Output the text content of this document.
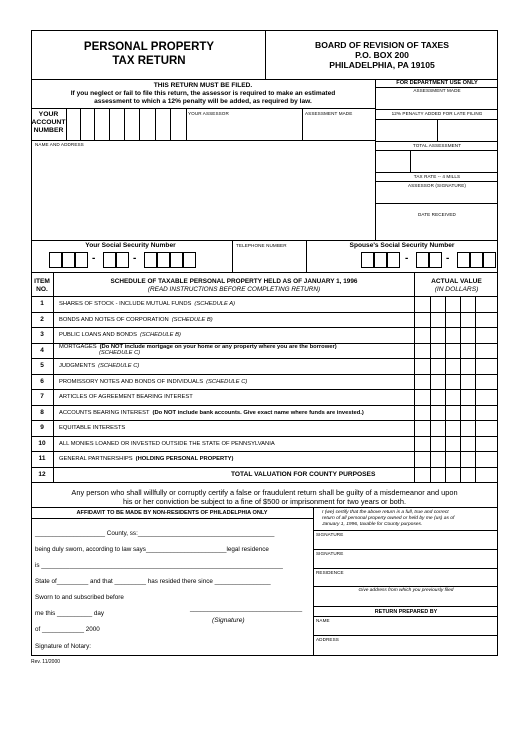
PERSONAL PROPERTY
TAX RETURN
BOARD OF REVISION OF TAXES
P.O. BOX 200
PHILADELPHIA, PA 19105
THIS RETURN MUST BE FILED.
If you neglect or fail to file this return, the assessor is required to make an estimated
assessment to which a 12% penalty will be added, as required by law.
FOR DEPARTMENT USE ONLY
ASSESSMENT MADE
12% PENALTY ADDED FOR LATE FILING
TOTAL ASSESSMENT
TAX RATE -- 4 MILLS
ASSESSOR (SIGNATURE)
DATE RECEIVED
YOUR
ACCOUNT
NUMBER
YOUR ASSESSOR	ASSESSMENT MADE
NAME AND ADDRESS
Your Social Security Number
-	-
TELEPHONE NUMBER	Spouse's Social Security Number
-	-
ITEM
NO.
SCHEDULE OF TAXABLE PERSONAL PROPERTY HELD AS OF JANUARY 1, 1996
(READ INSTRUCTIONS BEFORE COMPLETING RETURN)
ACTUAL VALUE
(IN DOLLARS)
1	SHARES OF STOCK - INCLUDE MUTUAL FUNDS (SCHEDULE A)
2	BONDS AND NOTES OF CORPORATION (SCHEDULE B)
3	PUBLIC LOANS AND BONDS (SCHEDULE B)
4	MORTGAGES (Do NOT include mortgage on your home or any property where you are the borrower)
(SCHEDULE C)
5	JUDGMENTS (SCHEDULE C)
6	PROMISSORY NOTES AND BONDS OF INDIVIDUALS (SCHEDULE C)
7	ARTICLES OF AGREEMENT BEARING INTEREST
8	ACCOUNTS BEARING INTEREST (Do NOT include bank accounts. Give exact name where funds are invested.)
9	EQUITABLE INTERESTS
10	ALL MONIES LOANED OR INVESTED OUTSIDE THE STATE OF PENNSYLVANIA
11	GENERAL PARTNERSHIPS (HOLDING PERSONAL PROPERTY)
12	TOTAL VALUATION FOR COUNTY PURPOSES
Any person who shall willfully or corruptly certify a false or fraudulent return shall be guilty of a misdemeanor and upon
his or her conviction be subject to a fine of $500 or imprisonment for two years or both.
AFFIDAVIT TO BE MADE BY NON-RESIDENTS OF PHILADELPHIA ONLY
____________________ County, ss:_______________________________________
being duly sworn, according to law says_______________________legal residence
is _____________________________________________________________________
State of_________ and that _________ has resided there since ________________
Sworn to and subscribed before
me this __________ day
________________________________
(Signature)
of ____________ 2000
Signature of Notary:
I (we) certify that the above return is a full, true and correct
return of all personal property owned or held by me (us) as of
January 1, 1996, taxable for County purposes.
SIGNATURE
SIGNATURE
RESIDENCE
Give address from which you previously filed
RETURN PREPARED BY
NAME
ADDRESS
Rev. 11/2000
